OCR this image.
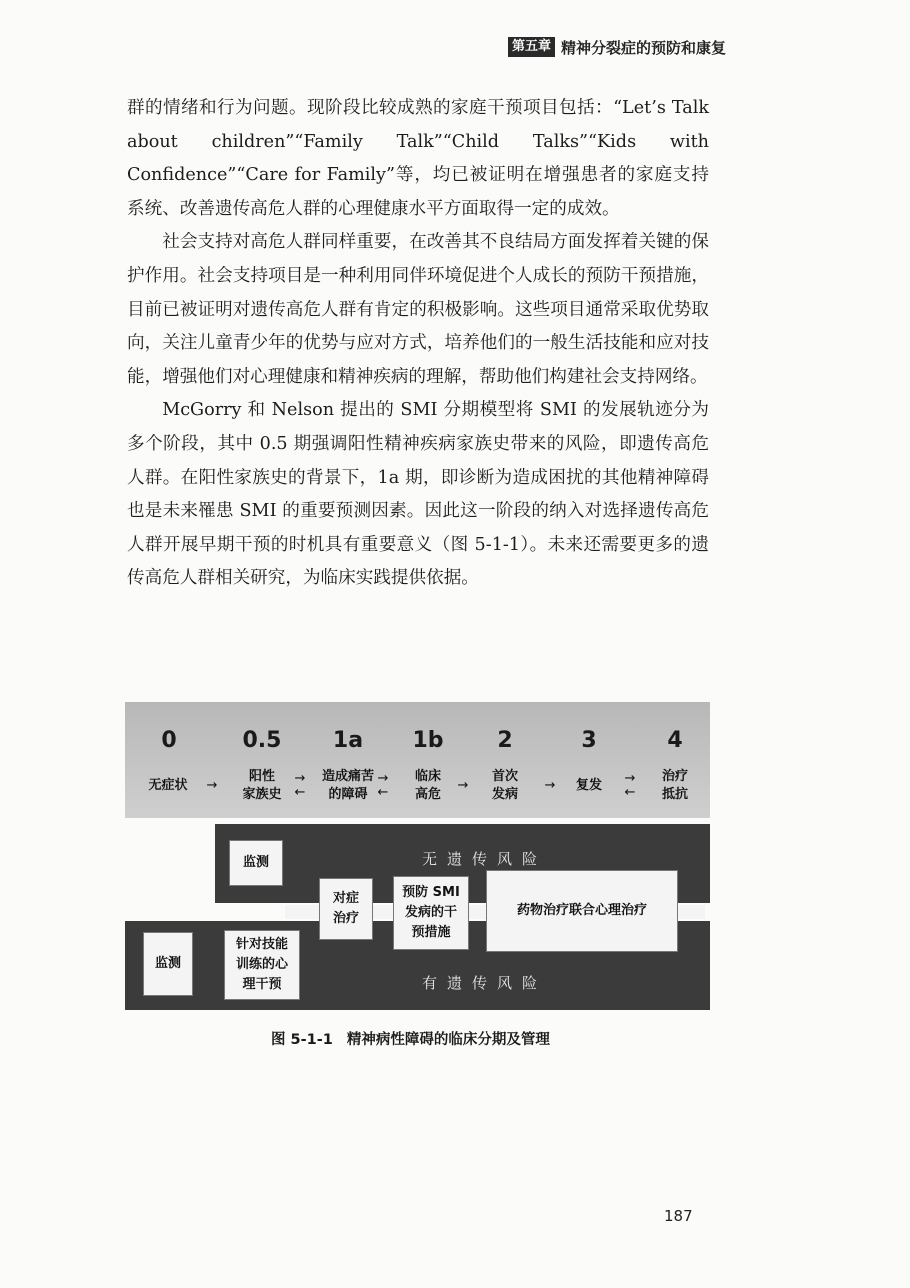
第五章 精神分裂症的预防和康复

群的情绪和行为问题。现阶段比较成熟的家庭干预项目包括：“Let’s Talk about children”“Family Talk”“Child Talks”“Kids with Confidence”“Care for Family”等，均已被证明在增强患者的家庭支持系统、改善遗传高危人群的心理健康水平方面取得一定的成效。

社会支持对高危人群同样重要，在改善其不良结局方面发挥着关键的保护作用。社会支持项目是一种利用同伴环境促进个人成长的预防干预措施，目前已被证明对遗传高危人群有肯定的积极影响。这些项目通常采取优势取向，关注儿童青少年的优势与应对方式，培养他们的一般生活技能和应对技能，增强他们对心理健康和精神疾病的理解，帮助他们构建社会支持网络。

McGorry 和 Nelson 提出的 SMI 分期模型将 SMI 的发展轨迹分为多个阶段，其中 0.5 期强调阳性精神疾病家族史带来的风险，即遗传高危人群。在阳性家族史的背景下，1a 期，即诊断为造成困扰的其他精神障碍也是未来罹患 SMI 的重要预测因素。因此这一阶段的纳入对选择遗传高危人群开展早期干预的时机具有重要意义（图 5-1-1）。未来还需要更多的遗传高危人群相关研究，为临床实践提供依据。

0	0.5	1a	1b	2	3	4
无症状
阳性
家族史
造成痛苦
的障碍
临床
高危
首次
发病
复发
治疗
抵抗
→	→
←
→
←	→	→	→
←
无遗传风险
有遗传风险
监测
监测
针对技能
训练的心
理干预
对症
治疗
预防 SMI
发病的干
预措施
药物治疗联合心理治疗
图 5-1-1 精神病性障碍的临床分期及管理
187
